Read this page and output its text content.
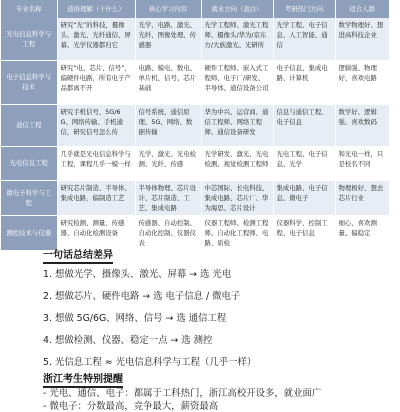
专业名称	通俗理解（干什么）	核心学习内容	就业方向（直白）	考研热门方向	适合人群
光电信息科学与工程	研究“光”的科技，摄像头、激光、光纤通信、屏幕、光学仪器都归它	光学、电路、激光、光纤、图像处理、传感器	光学工程师、激光工程师、摄像头/华为/京东方/大族激光、光研所	光学工程、电子信息、人工智能、通信	数学物理好、想进高科技企业
电子信息科学与技术	研究“电、芯片、信号”，偏硬件电路，所有电子产品都离不开	电路、模电、数电、单片机、信号、芯片基础	硬件工程师、嵌入式工程师、电子厂/研发、半导体、通信设备公司	电子信息、集成电路、计算机	逻辑强、物理好、喜欢电路
通信工程	研究手机信号、5G/6G、网络传输、手机通信，研究信号怎么传	信号系统、通信原理、5G、网络、数据传输	华为中兴、运营商、通信工程师、网络工程师、通信设备研发	信息与通信工程、电子信息	数学好、逻辑强、喜欢数码
光电信息工程	几乎就是光电信息科学与工程，课程几乎一模一样	光学、激光、光电检测、光纤、传感	光学研发、激光、光电检测、视觉检测工程师	光电工程、电子信息、光学	和光电一样，只是校名不同
微电子科学与工程	研究芯片制造、半导体、集成电路，偏制造工艺	半导体物理、芯片设计、芯片制造、工艺、集成电路	中芯国际、长电科技、集成电路、芯片厂、华为海思、芯片设计	集成电路、电子信息、微电子	物理极好、想去芯片行业
测控技术与仪器	研究检测、测量、传感器、自动化检测设备	传感器、自动控制、自动化控制、仪器仪表	仪器工程师、检测工程师、自动化工程师、电路、质检	仪器科学、控制工程、电子信息	细心、喜欢测量、偏稳定
一句话总结差异
1. 想做光学、摄像头、激光、屏幕 → 选 光电
2. 想做芯片、硬件电路 → 选 电子信息 / 微电子
3. 想做 5G/6G、网络、信号 → 选 通信工程
4. 想做检测、仪器、稳定一点 → 选 测控
5. 光信息工程 ≈ 光电信息科学与工程（几乎一样）
浙江考生特别提醒
- 光电、通信、电子：都属于工科热门，浙江高校开设多，就业面广
- 微电子：分数最高，竞争最大，薪资最高
